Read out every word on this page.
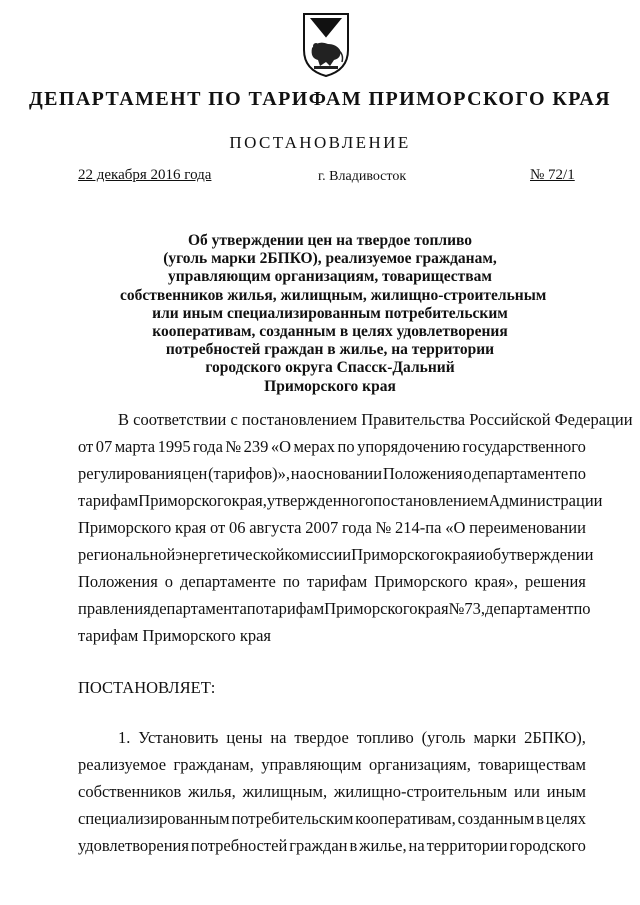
ДЕПАРТАМЕНТ ПО ТАРИФАМ ПРИМОРСКОГО КРАЯ
ПОСТАНОВЛЕНИЕ
22 декабря 2016 года	г. Владивосток	№ 72/1
Об утверждении цен на твердое топливо
(уголь марки 2БПКО), реализуемое гражданам,
управляющим организациям, товариществам
собственников жилья, жилищным, жилищно-строительным
или иным специализированным потребительским
кооперативам, созданным в целях удовлетворения
потребностей граждан в жилье, на территории
городского округа Спасск-Дальний
Приморского края
В соответствии с постановлением Правительства Российской Федерации
от 07 марта 1995 года № 239 «О мерах по упорядочению государственного
регулирования цен (тарифов)», на основании Положения о департаменте по
тарифам Приморского края, утвержденного постановлением Администрации
Приморского края от 06 августа 2007 года № 214-па «О переименовании
региональной энергетической комиссии Приморского края и об утверждении
Положения о департаменте по тарифам Приморского края», решения
правления департамента по тарифам Приморского края № 73, департамент по
тарифам Приморского края
ПОСТАНОВЛЯЕТ:
1. Установить цены на твердое топливо (уголь марки 2БПКО),
реализуемое гражданам, управляющим организациям, товариществам
собственников жилья, жилищным, жилищно-строительным или иным
специализированным потребительским кооперативам, созданным в целях
удовлетворения потребностей граждан в жилье, на территории городского
